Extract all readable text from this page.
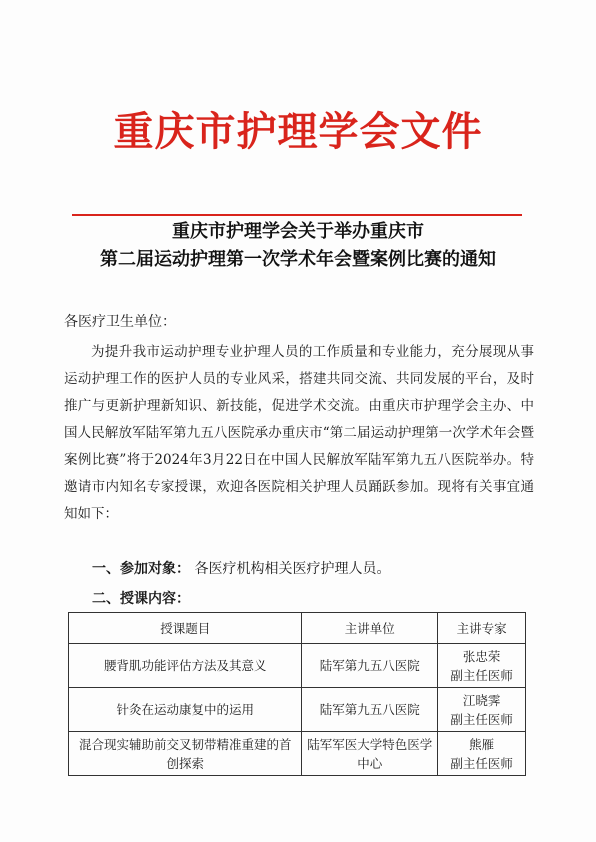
重庆市护理学会文件
重庆市护理学会关于举办重庆市
第二届运动护理第一次学术年会暨案例比赛的通知
各医疗卫生单位：

为提升我市运动护理专业护理人员的工作质量和专业能力，充分展现从事运动护理工作的医护人员的专业风采，搭建共同交流、共同发展的平台，及时推广与更新护理新知识、新技能，促进学术交流。由重庆市护理学会主办、中国人民解放军陆军第九五八医院承办重庆市“第二届运动护理第一次学术年会暨案例比赛”将于2024年3月22日在中国人民解放军陆军第九五八医院举办。特邀请市内知名专家授课，欢迎各医院相关护理人员踊跃参加。现将有关事宜通知如下：

一、参加对象： 各医疗机构相关医疗护理人员。
二、授课内容：
授课题目	主讲单位	主讲专家
腰背肌功能评估方法及其意义	陆军第九五八医院	张忠荣
副主任医师
针灸在运动康复中的运用	陆军第九五八医院	江晓霁
副主任医师
混合现实辅助前交叉韧带精准重建的首创探索	陆军军医大学特色医学中心	熊雁
副主任医师
